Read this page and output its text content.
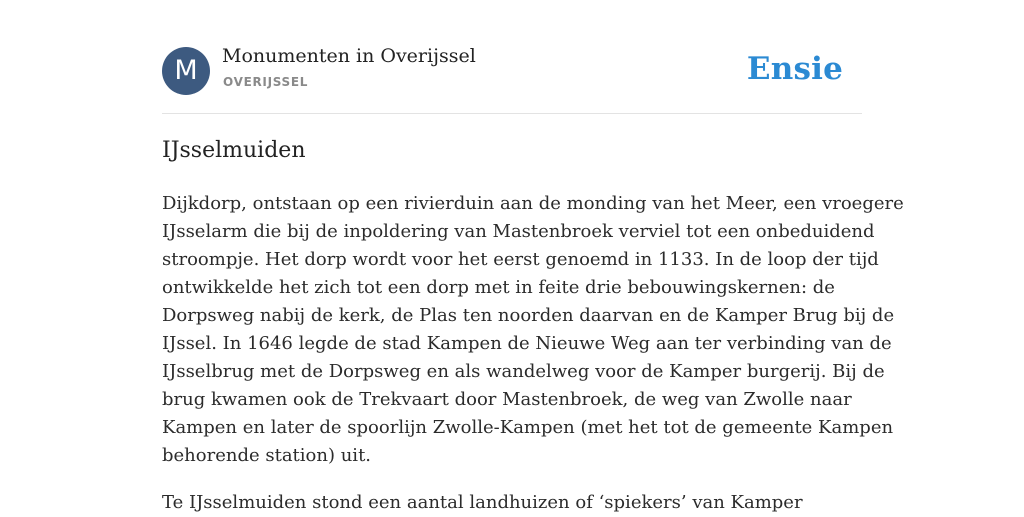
M	Monumenten in Overijssel
OVERIJSSEL	Ensie
IJsselmuiden

Dijkdorp, ontstaan op een rivierduin aan de monding van het Meer, een vroegere
IJsselarm die bij de inpoldering van Mastenbroek verviel tot een onbeduidend
stroompje. Het dorp wordt voor het eerst genoemd in 1133. In de loop der tijd
ontwikkelde het zich tot een dorp met in feite drie bebouwingskernen: de
Dorpsweg nabij de kerk, de Plas ten noorden daarvan en de Kamper Brug bij de
IJssel. In 1646 legde de stad Kampen de Nieuwe Weg aan ter verbinding van de
IJsselbrug met de Dorpsweg en als wandelweg voor de Kamper burgerij. Bij de
brug kwamen ook de Trekvaart door Mastenbroek, de weg van Zwolle naar
Kampen en later de spoorlijn Zwolle-Kampen (met het tot de gemeente Kampen
behorende station) uit.

Te IJsselmuiden stond een aantal landhuizen of ‘spiekers’ van Kamper
